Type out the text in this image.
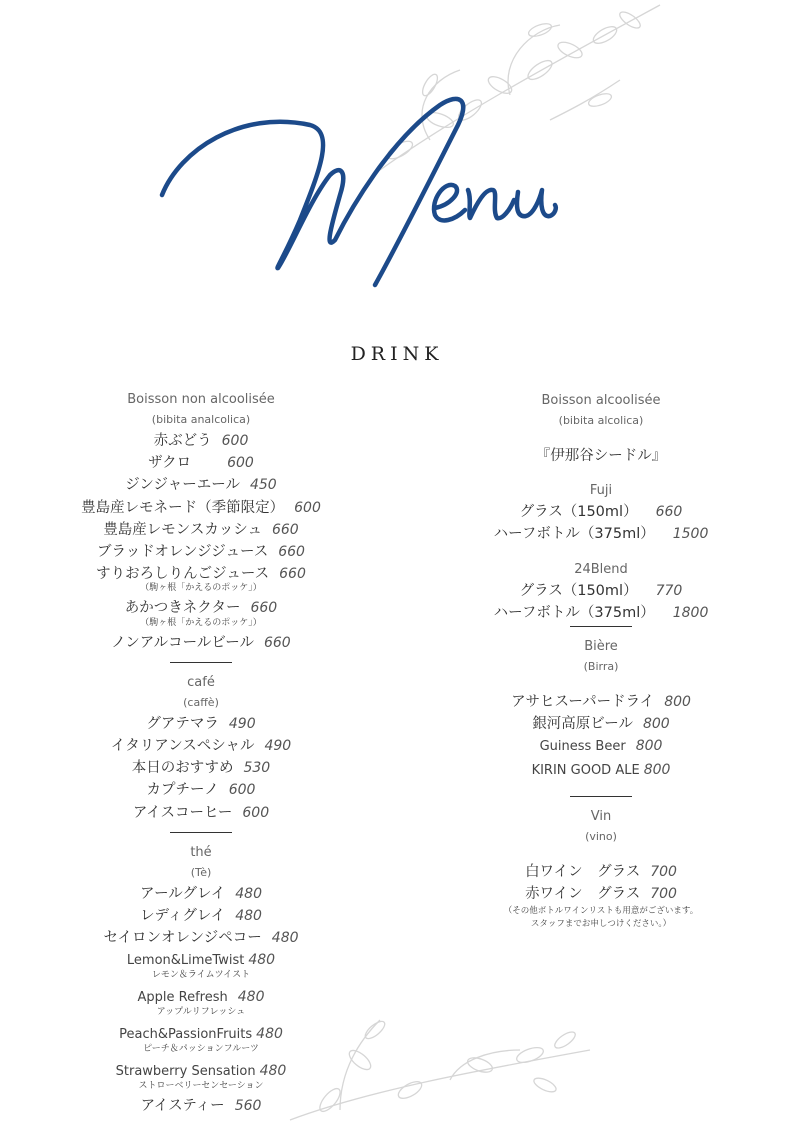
DRINK
Boisson non alcoolisée
(bibita analcolica)
赤ぶどう 600
ザクロ	600
ジンジャーエール 450
豊島産レモネード（季節限定） 600
豊島産レモンスカッシュ 660
ブラッドオレンジジュース 660
すりおろしりんごジュース 660
（駒ヶ根「かえるのポッケ」）
あかつきネクター 660
（駒ヶ根「かえるのポッケ」）
ノンアルコールビール 660
café
(caffè)
グアテマラ 490
イタリアンスペシャル 490
本日のおすすめ 530
カプチーノ 600
アイスコーヒー 600
thé
(Tè)
アールグレイ 480
レディグレイ 480
セイロンオレンジペコー 480
Lemon&LimeTwist 480
レモン＆ライムツイスト
Apple Refresh 480
アップルリフレッシュ
Peach&PassionFruits 480
ピーチ＆パッションフルーツ
Strawberry Sensation 480
ストローベリーセンセーション
アイスティー 560
Boisson alcoolisée
(bibita alcolica)
『伊那谷シードル』
Fuji
グラス（150ml） 660
ハーフボトル（375ml） 1500
24Blend
グラス（150ml） 770
ハーフボトル（375ml） 1800
Bière
(Birra)
アサヒスーパードライ 800
銀河高原ビール 800
Guiness Beer 800
KIRIN GOOD ALE 800
Vin
(vino)
白ワイン　グラス 700
赤ワイン　グラス 700
（その他ボトルワインリストも用意がございます。
スタッフまでお申しつけください。）
